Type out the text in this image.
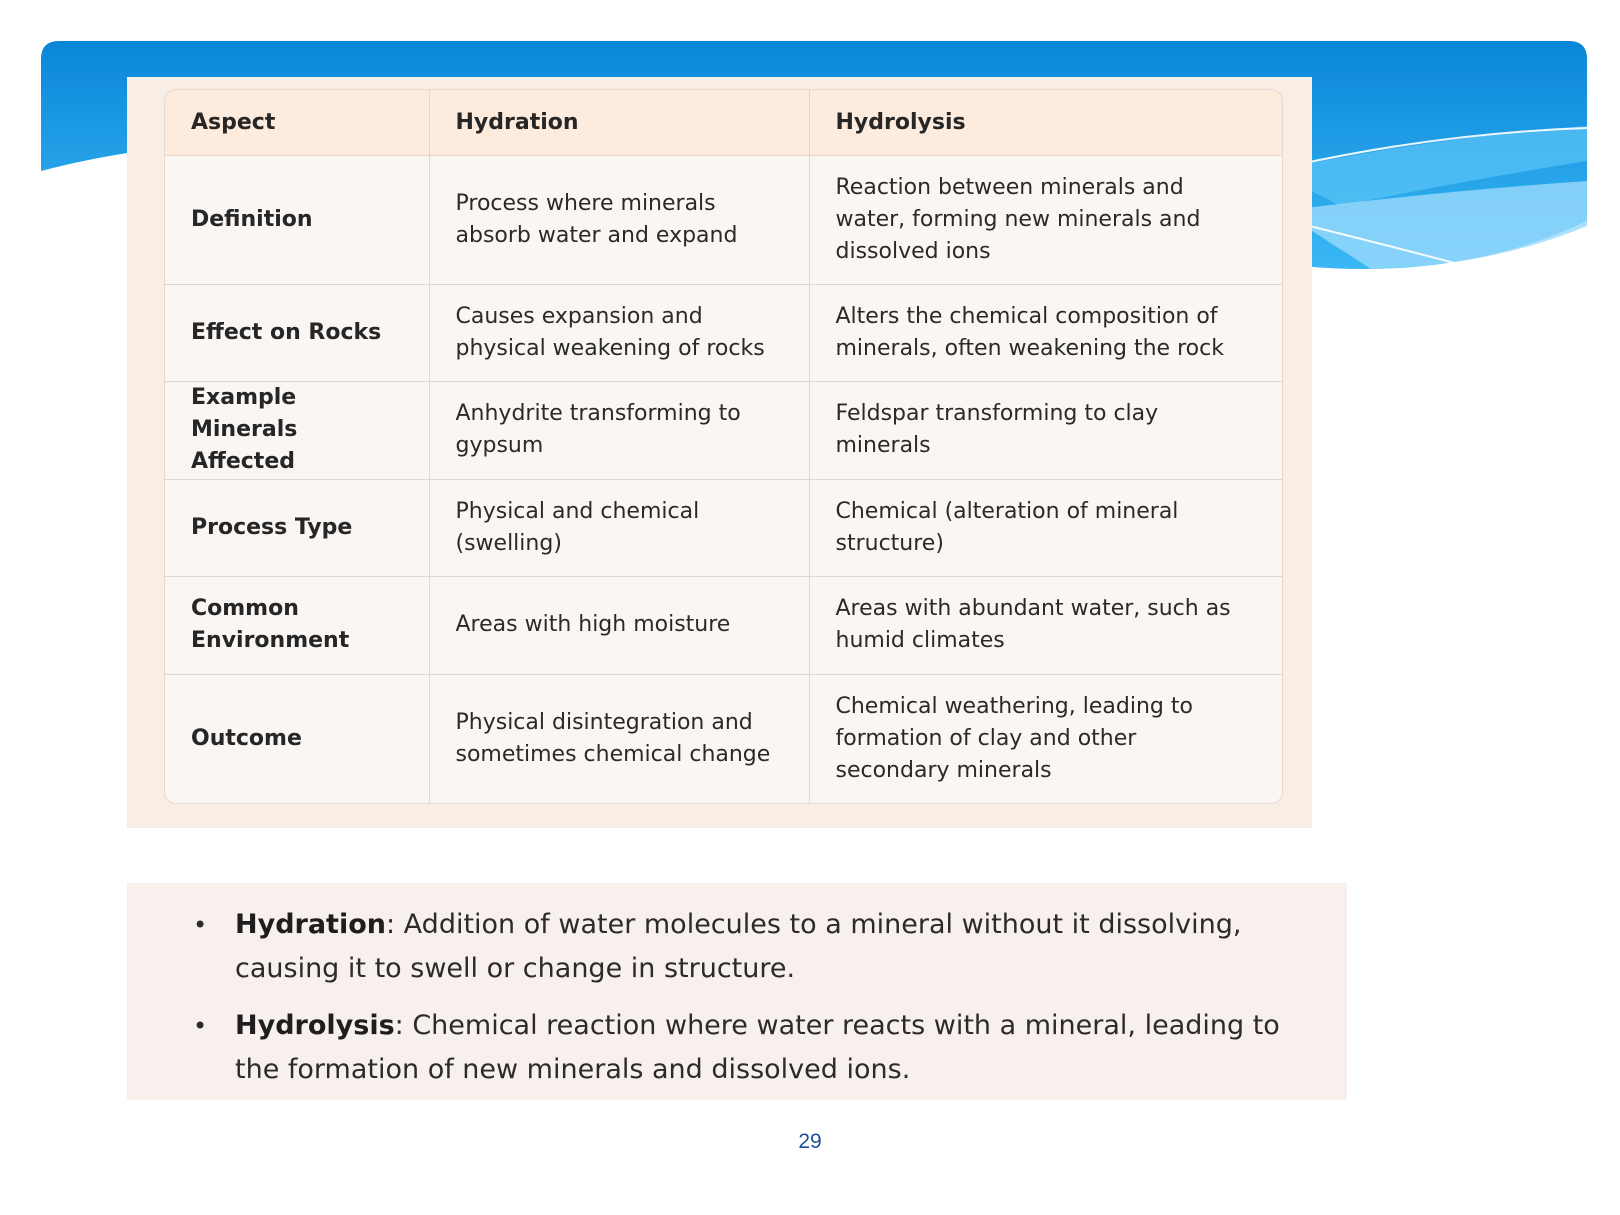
Aspect	Hydration	Hydrolysis
Definition	Process where minerals absorb water and expand	Reaction between minerals and water, forming new minerals and dissolved ions
Effect on Rocks	Causes expansion and physical weakening of rocks	Alters the chemical composition of minerals, often weakening the rock
Example Minerals Affected	Anhydrite transforming to gypsum	Feldspar transforming to clay minerals
Process Type	Physical and chemical (swelling)	Chemical (alteration of mineral structure)
Common Environment	Areas with high moisture	Areas with abundant water, such as humid climates
Outcome	Physical disintegration and sometimes chemical change	Chemical weathering, leading to formation of clay and other secondary minerals
• Hydration: Addition of water molecules to a mineral without it dissolving, causing it to swell or change in structure.
• Hydrolysis: Chemical reaction where water reacts with a mineral, leading to the formation of new minerals and dissolved ions.
29
